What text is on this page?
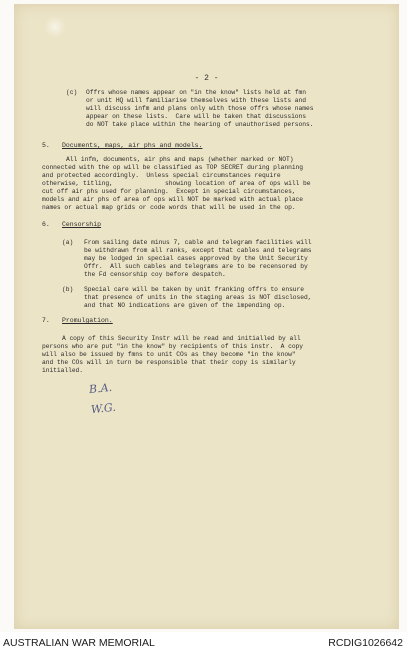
- 2 -
(c) Offrs whose names appear on "in the know" lists held at fmn
or unit HQ will familiarise themselves with these lists and
will discuss infm and plans only with those offrs whose names
appear on these lists.  Care will be taken that discussions
do NOT take place within the hearing of unauthorised persons.
5. Documents, maps, air phs and models.
All infm, documents, air phs and maps (whether marked or NOT)
connected with the op will be classified as TOP SECRET during planning
and protected accordingly.  Unless special circumstances require
otherwise, titling,              showing location of area of ops will be
cut off air phs used for planning.  Except in special circumstances,
models and air phs of area of ops will NOT be marked with actual place
names or actual map grids or code words that will be used in the op.
6. Censorship
(a) From sailing date minus 7, cable and telegram facilities will
be withdrawn from all ranks, except that cables and telegrams
may be lodged in special cases approved by the Unit Security
Offr.  All such cables and telegrams are to be recensored by
the Fd censorship coy before despatch.
(b) Special care will be taken by unit franking offrs to ensure
that presence of units in the staging areas is NOT disclosed,
and that NO indications are given of the impending op.
7. Promulgation.
A copy of this Security Instr will be read and initialled by all
persons who are put "in the know" by recipients of this instr.  A copy
will also be issued by fmns to unit COs as they become "in the know"
and the COs will in turn be responsible that their copy is similarly
initialled.
B.A.
W.G.
AUSTRALIAN WAR MEMORIAL	RCDIG1026642
